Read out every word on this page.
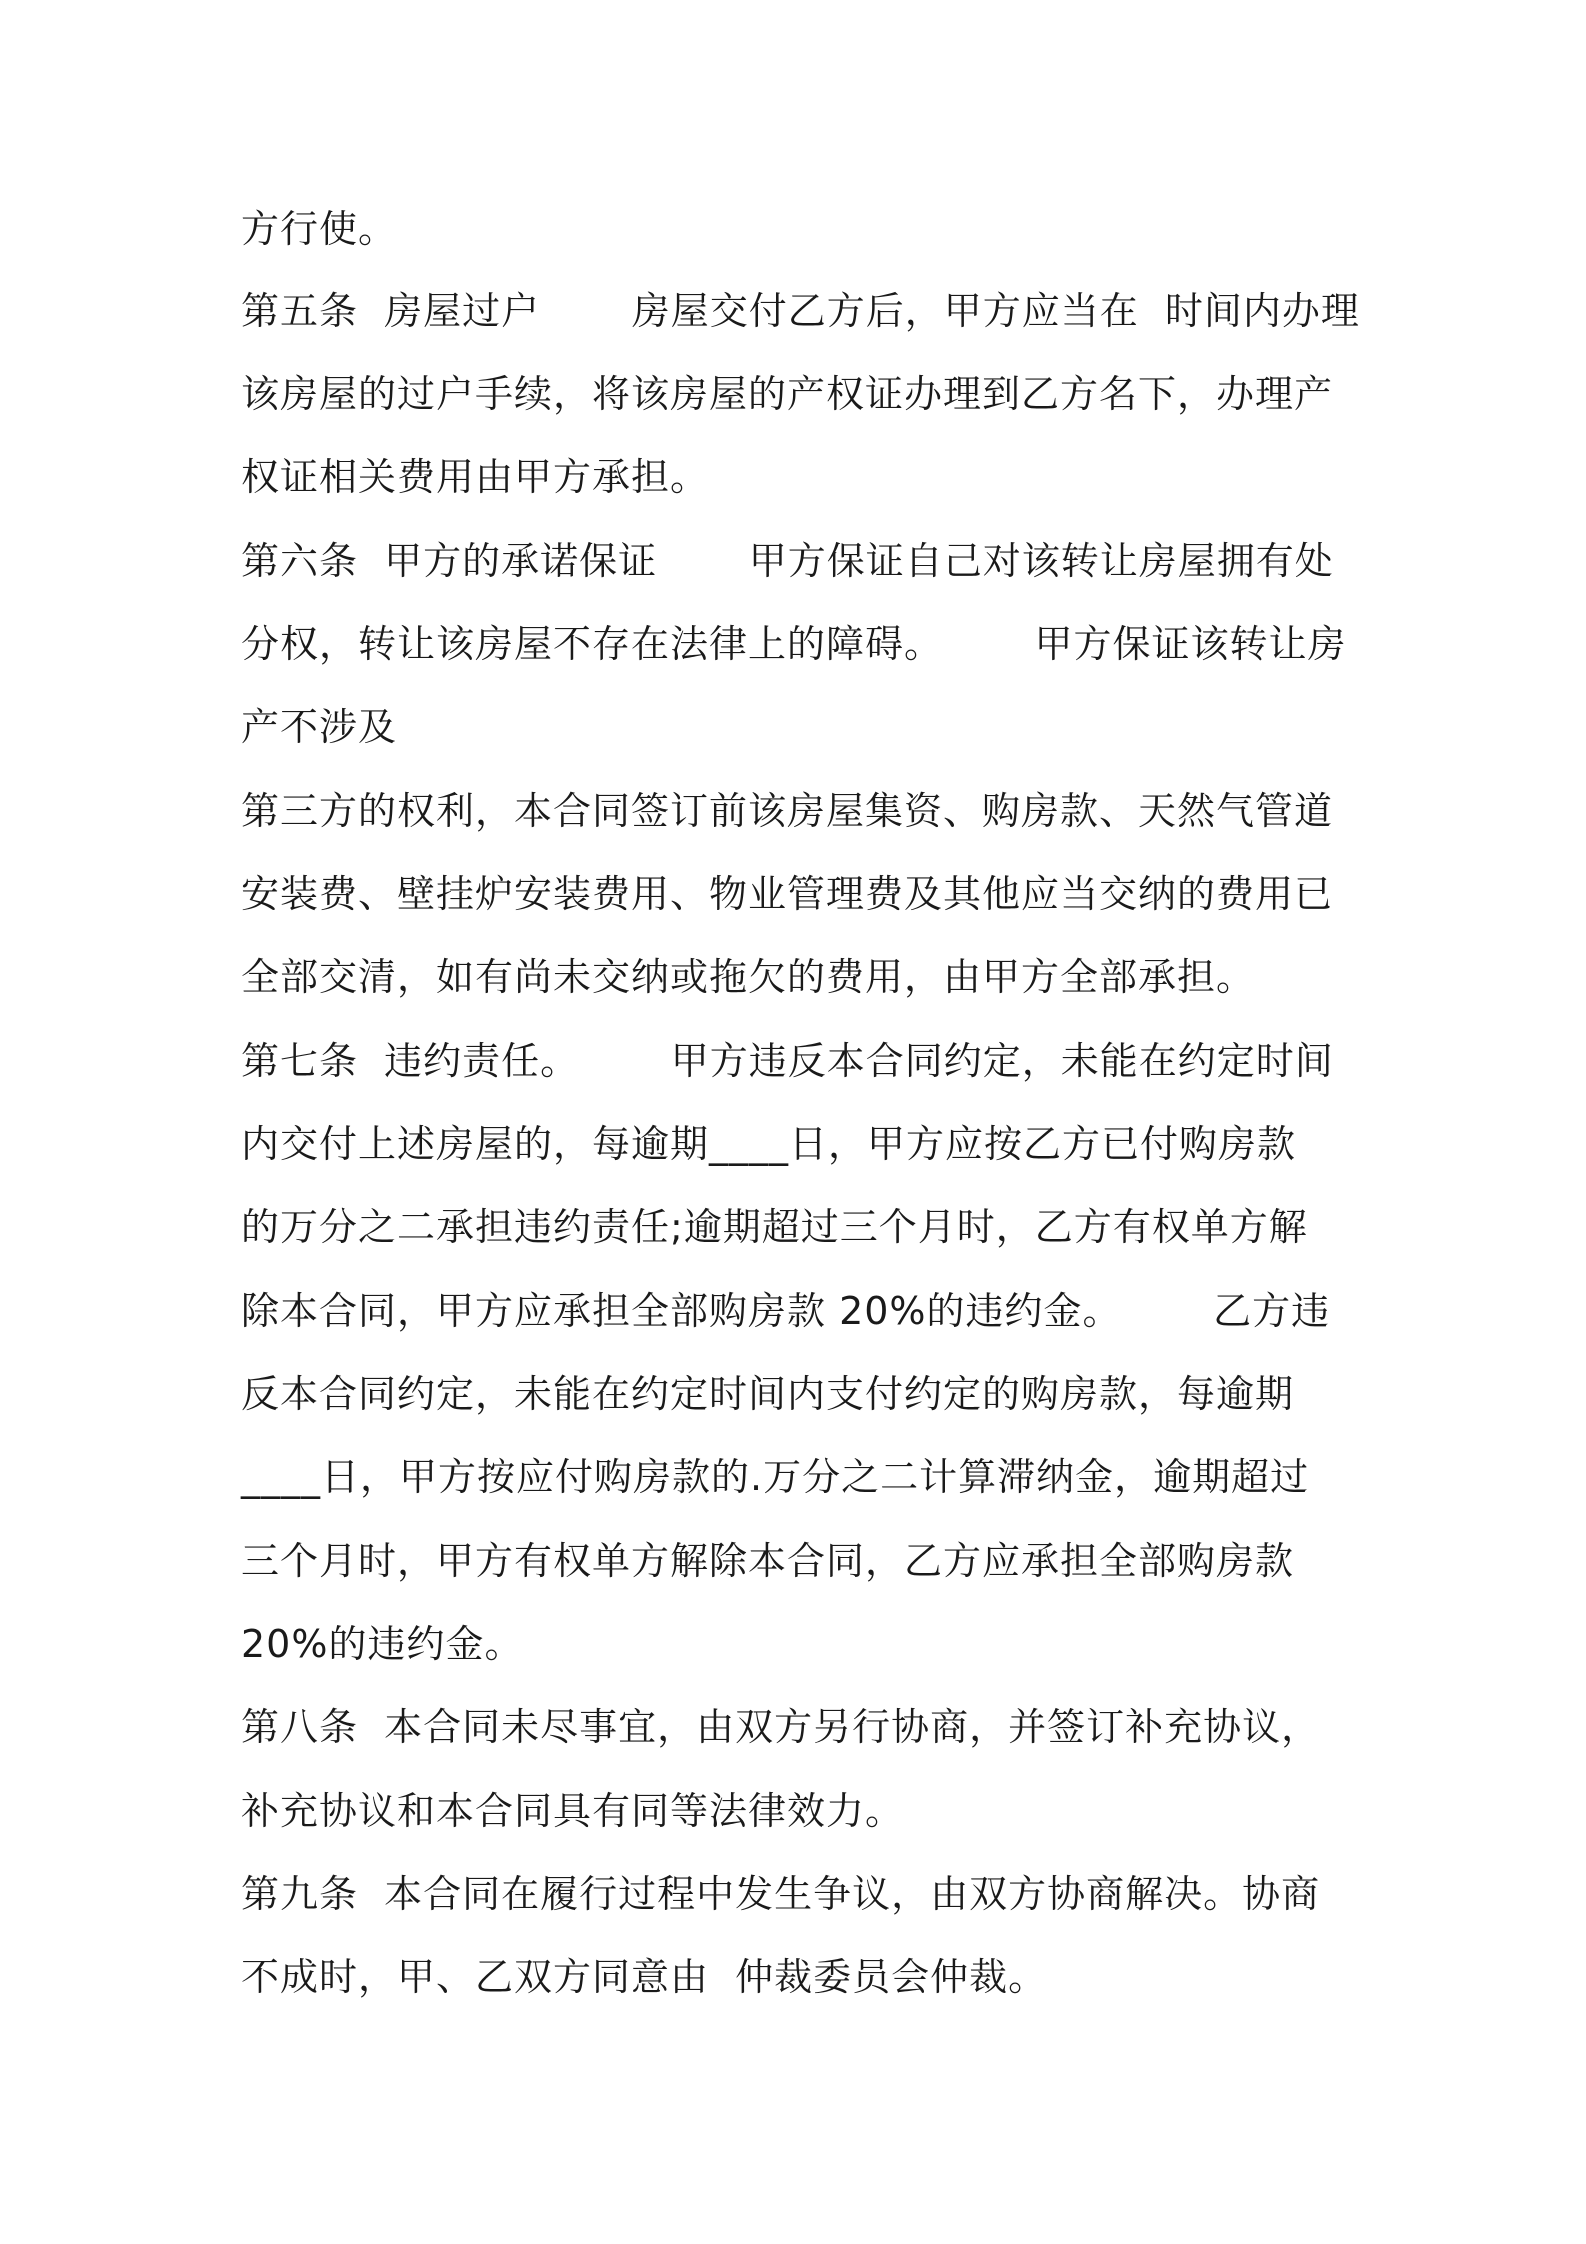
方行使。
第五条  房屋过户       房屋交付乙方后，甲方应当在  时间内办理
该房屋的过户手续，将该房屋的产权证办理到乙方名下，办理产
权证相关费用由甲方承担。
第六条  甲方的承诺保证       甲方保证自己对该转让房屋拥有处
分权，转让该房屋不存在法律上的障碍。       甲方保证该转让房
产不涉及
第三方的权利，本合同签订前该房屋集资、购房款、天然气管道
安装费、壁挂炉安装费用、物业管理费及其他应当交纳的费用已
全部交清，如有尚未交纳或拖欠的费用，由甲方全部承担。
第七条  违约责任。       甲方违反本合同约定，未能在约定时间
内交付上述房屋的，每逾期____日，甲方应按乙方已付购房款
的万分之二承担违约责任;逾期超过三个月时，乙方有权单方解
除本合同，甲方应承担全部购房款 20%的违约金。       乙方违
反本合同约定，未能在约定时间内支付约定的购房款，每逾期
____日，甲方按应付购房款的.万分之二计算滞纳金，逾期超过
三个月时，甲方有权单方解除本合同，乙方应承担全部购房款
20%的违约金。
第八条  本合同未尽事宜，由双方另行协商，并签订补充协议，
补充协议和本合同具有同等法律效力。
第九条  本合同在履行过程中发生争议，由双方协商解决。协商
不成时，甲、乙双方同意由  仲裁委员会仲裁。
